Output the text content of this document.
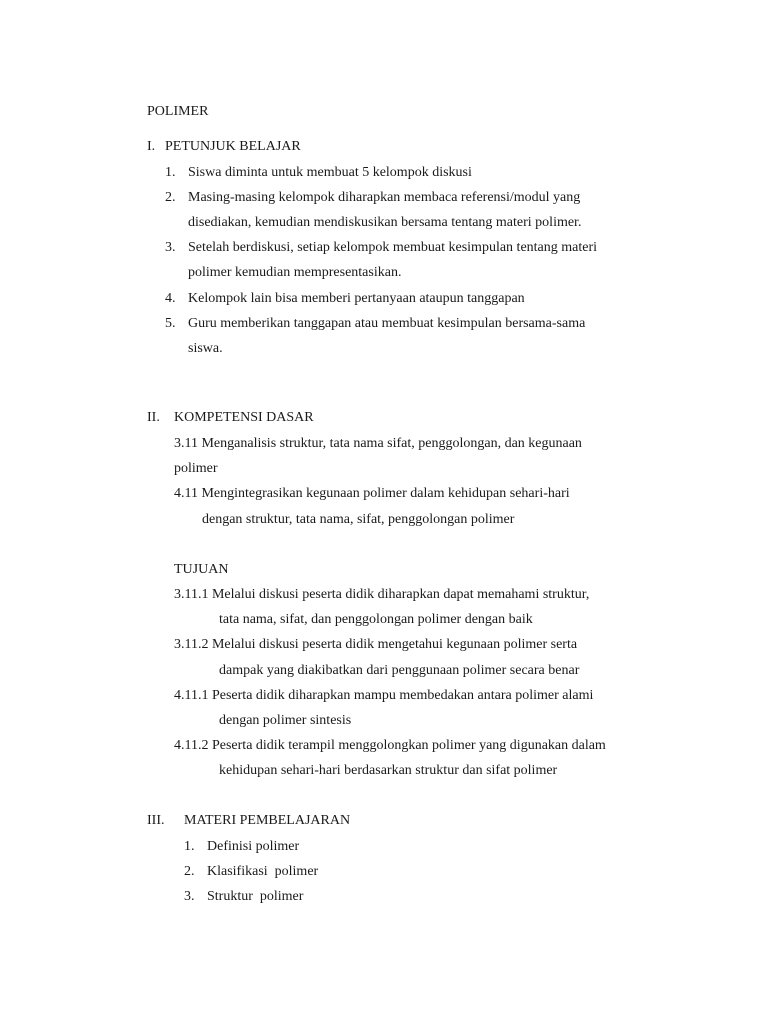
POLIMER
I. PETUNJUK BELAJAR
1. Siswa diminta untuk membuat 5 kelompok diskusi
2. Masing-masing kelompok diharapkan membaca referensi/modul yang
disediakan, kemudian mendiskusikan bersama tentang materi polimer.
3. Setelah berdiskusi, setiap kelompok membuat kesimpulan tentang materi
polimer kemudian mempresentasikan.
4. Kelompok lain bisa memberi pertanyaan ataupun tanggapan
5. Guru memberikan tanggapan atau membuat kesimpulan bersama-sama
siswa.
II. KOMPETENSI DASAR
3.11 Menganalisis struktur, tata nama sifat, penggolongan, dan kegunaan
polimer
4.11 Mengintegrasikan kegunaan polimer dalam kehidupan sehari-hari
dengan struktur, tata nama, sifat, penggolongan polimer
TUJUAN
3.11.1 Melalui diskusi peserta didik diharapkan dapat memahami struktur,
tata nama, sifat, dan penggolongan polimer dengan baik
3.11.2 Melalui diskusi peserta didik mengetahui kegunaan polimer serta
dampak yang diakibatkan dari penggunaan polimer secara benar
4.11.1 Peserta didik diharapkan mampu membedakan antara polimer alami
dengan polimer sintesis
4.11.2 Peserta didik terampil menggolongkan polimer yang digunakan dalam
kehidupan sehari-hari berdasarkan struktur dan sifat polimer
III. MATERI PEMBELAJARAN
1. Definisi polimer
2. Klasifikasi  polimer
3. Struktur  polimer
